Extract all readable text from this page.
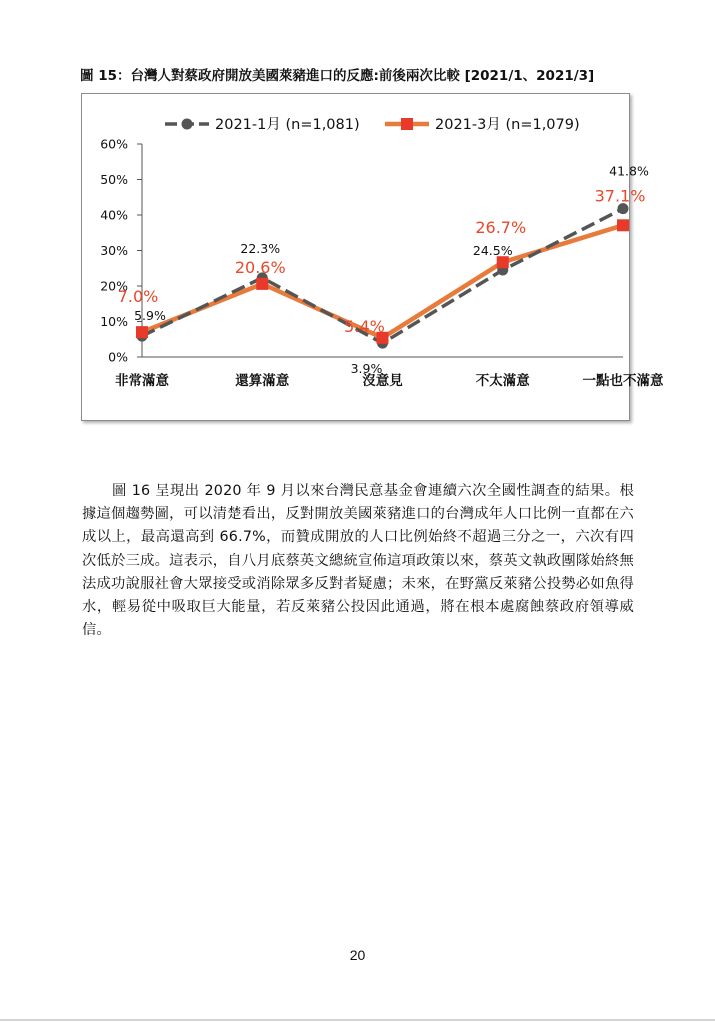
圖 15：台灣人對蔡政府開放美國萊豬進口的反應:前後兩次比較 [2021/1、2021/3]
0%
10%
20%
30%
40%
50%
60%
非常滿意	還算滿意	沒意見	不太滿意	一點也不滿意
5.9%
22.3%
3.9%
24.5%
41.8%
7.0%
20.6%
5.4%
26.7%
37.1%
2021-1月 (n=1,081)	2021-3月 (n=1,079)
圖 16 呈現出 2020 年 9 月以來台灣民意基金會連續六次全國性調查的結果。根據這個趨勢圖，可以清楚看出，反對開放美國萊豬進口的台灣成年人口比例一直都在六成以上，最高還高到 66.7%，而贊成開放的人口比例始終不超過三分之一，六次有四次低於三成。這表示，自八月底蔡英文總統宣佈這項政策以來，蔡英文執政團隊始終無法成功說服社會大眾接受或消除眾多反對者疑慮；未來，在野黨反萊豬公投勢必如魚得水，輕易從中吸取巨大能量，若反萊豬公投因此通過，將在根本處腐蝕蔡政府領導威信。
20
